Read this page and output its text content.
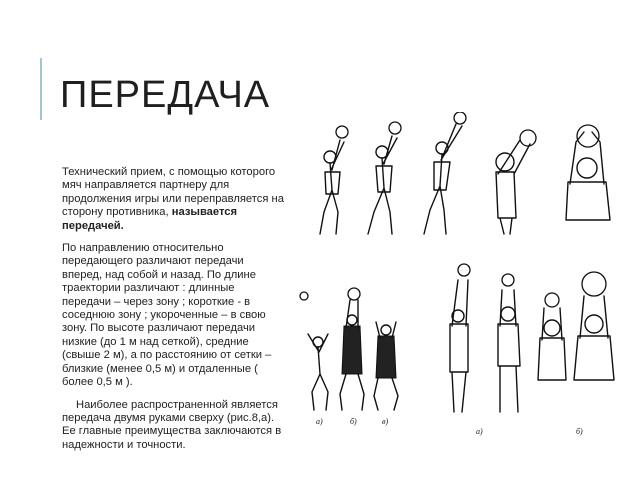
ПЕРЕДАЧА

Технический прием, с помощью которого мяч направляется партнеру для продолжения игры или переправляется на сторону противника, называется передачей.

По направлению относительно передающего различают передачи вперед, над собой и назад. По длине траектории различают : длинные передачи – через зону ; короткие - в соседнюю зону ; укороченные – в свою зону. По высоте различают передачи низкие (до 1 м над сеткой), средние (свыше 2 м), а по расстоянию от сетки – близкие (менее 0,5 м) и отдаленные ( более 0,5 м ).

Наиболее распространенной является передача двумя руками сверху (рис.8,а). Ее главные преимущества заключаются в надежности и точности.

а)	б)	в)
а)	б)
